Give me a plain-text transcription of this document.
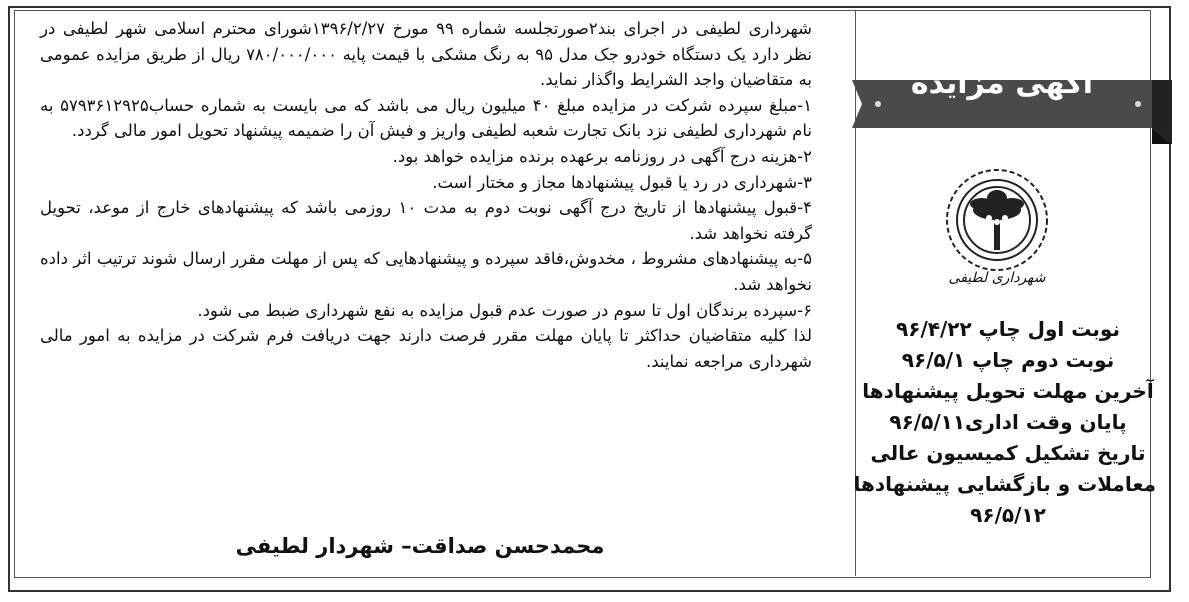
شهرداری لطیفی در اجرای بند۲صورتجلسه شماره ۹۹ مورخ ۱۳۹۶/۲/۲۷شورای محترم اسلامی شهر لطیفی در نظر دارد یک دستگاه خودرو جک مدل ۹۵ به رنگ مشکی با قیمت پایه ۷۸۰/۰۰۰/۰۰۰ ریال از طریق مزایده عمومی به متقاضیان واجد الشرایط واگذار نماید.

۱-مبلغ سپرده شرکت در مزایده مبلغ ۴۰ میلیون ریال می باشد که می بایست به شماره حساب۵۷۹۳۶۱۲۹۲۵ به نام شهرداری لطیفی نزد بانک تجارت شعبه لطیفی واریز و فیش آن را ضمیمه پیشنهاد تحویل امور مالی گردد.

۲-هزینه درج آگهی در روزنامه برعهده برنده مزایده خواهد بود.

۳-شهرداری در رد یا قبول پیشنهادها مجاز و مختار است.

۴-قبول پیشنهادها از تاریخ درج آگهی نوبت دوم به مدت ۱۰ روزمی باشد که پیشنهادهای خارج از موعد، تحویل گرفته نخواهد شد.

۵-به پیشنهادهای مشروط ، مخدوش،فاقد سپرده و پیشنهادهایی که پس از مهلت مقرر ارسال شوند ترتیب اثر داده نخواهد شد.

۶-سپرده برندگان اول تا سوم در صورت عدم قبول مزایده به نفع شهرداری ضبط می شود.

لذا کلیه متقاضیان حداکثر تا پایان مهلت مقرر فرصت دارند جهت دریافت فرم شرکت در مزایده به امور مالی شهرداری مراجعه نمایند.

محمدحسن صداقت– شهردار لطیفی
آگهی مزایده
شهرداری لطیفی
نوبت اول چاپ ۹۶/۴/۲۲
نوبت دوم چاپ ۹۶/۵/۱
آخرین مهلت تحویل پیشنهادها
پایان وقت اداری۹۶/۵/۱۱
تاریخ تشکیل کمیسیون عالی
معاملات و بازگشایی پیشنهادها
۹۶/۵/۱۲
